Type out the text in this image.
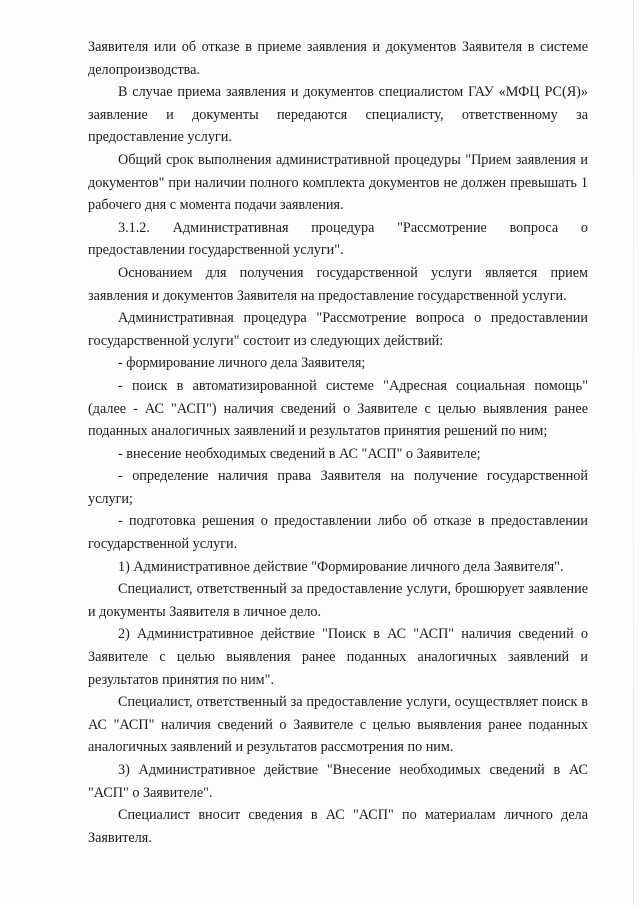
Заявителя или об отказе в приеме заявления и документов Заявителя в системе делопроизводства.

В случае приема заявления и документов специалистом ГАУ «МФЦ РС(Я)» заявление и документы передаются специалисту, ответственному за предоставление услуги.

Общий срок выполнения административной процедуры "Прием заявления и документов" при наличии полного комплекта документов не должен превышать 1 рабочего дня с момента подачи заявления.

3.1.2. Административная процедура "Рассмотрение вопроса о предоставлении государственной услуги".

Основанием для получения государственной услуги является прием заявления и документов Заявителя на предоставление государственной услуги.

Административная процедура "Рассмотрение вопроса о предоставлении государственной услуги" состоит из следующих действий:

- формирование личного дела Заявителя;

- поиск в автоматизированной системе "Адресная социальная помощь" (далее - АС "АСП") наличия сведений о Заявителе с целью выявления ранее поданных аналогичных заявлений и результатов принятия решений по ним;

- внесение необходимых сведений в АС "АСП" о Заявителе;

- определение наличия права Заявителя на получение государственной услуги;

- подготовка решения о предоставлении либо об отказе в предоставлении государственной услуги.

1) Административное действие "Формирование личного дела Заявителя".

Специалист, ответственный за предоставление услуги, брошюрует заявление и документы Заявителя в личное дело.

2) Административное действие "Поиск в АС "АСП" наличия сведений о Заявителе с целью выявления ранее поданных аналогичных заявлений и результатов принятия по ним".

Специалист, ответственный за предоставление услуги, осуществляет поиск в АС "АСП" наличия сведений о Заявителе с целью выявления ранее поданных аналогичных заявлений и результатов рассмотрения по ним.

3) Административное действие "Внесение необходимых сведений в АС "АСП" о Заявителе".

Специалист вносит сведения в АС "АСП" по материалам личного дела Заявителя.
